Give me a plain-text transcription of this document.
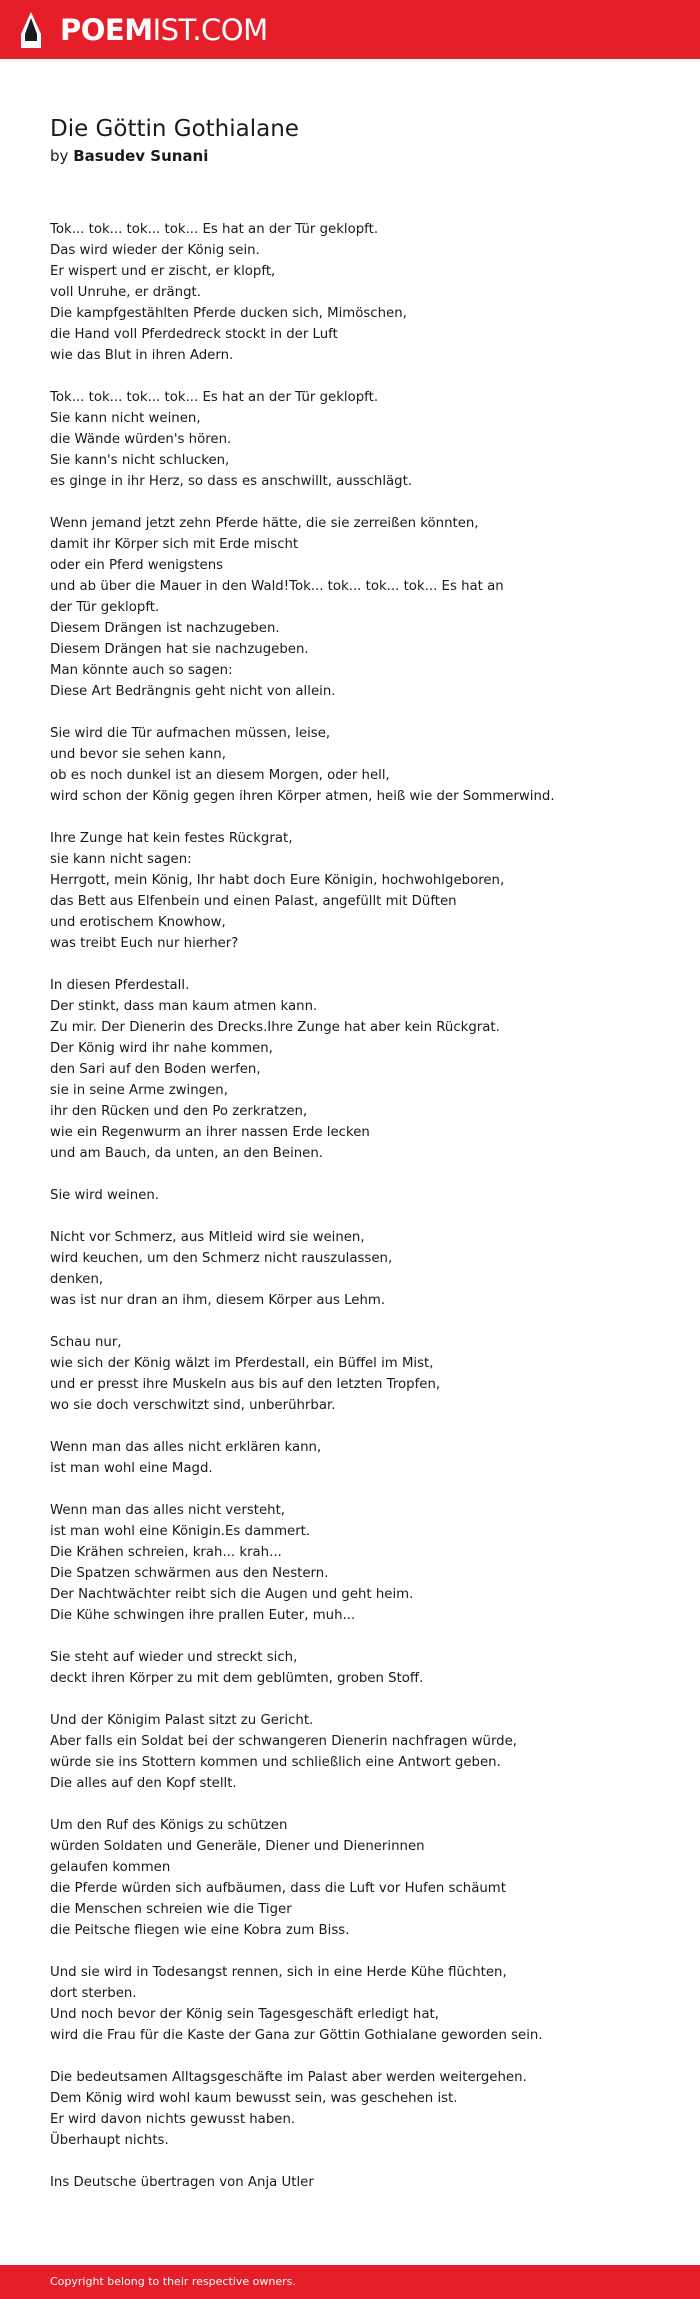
POEMIST.COM
Die Göttin Gothialane
by Basudev Sunani
Tok... tok... tok... tok... Es hat an der Tür geklopft.
Das wird wieder der König sein.
Er wispert und er zischt, er klopft,
voll Unruhe, er drängt.
Die kampfgestählten Pferde ducken sich, Mimöschen,
die Hand voll Pferdedreck stockt in der Luft
wie das Blut in ihren Adern.
Tok... tok... tok... tok... Es hat an der Tür geklopft.
Sie kann nicht weinen,
die Wände würden's hören.
Sie kann's nicht schlucken,
es ginge in ihr Herz, so dass es anschwillt, ausschlägt.
Wenn jemand jetzt zehn Pferde hätte, die sie zerreißen könnten,
damit ihr Körper sich mit Erde mischt
oder ein Pferd wenigstens
und ab über die Mauer in den Wald!Tok... tok... tok... tok... Es hat an
der Tür geklopft.
Diesem Drängen ist nachzugeben.
Diesem Drängen hat sie nachzugeben.
Man könnte auch so sagen:
Diese Art Bedrängnis geht nicht von allein.
Sie wird die Tür aufmachen müssen, leise,
und bevor sie sehen kann,
ob es noch dunkel ist an diesem Morgen, oder hell,
wird schon der König gegen ihren Körper atmen, heiß wie der Sommerwind.
Ihre Zunge hat kein festes Rückgrat,
sie kann nicht sagen:
Herrgott, mein König, Ihr habt doch Eure Königin, hochwohlgeboren,
das Bett aus Elfenbein und einen Palast, angefüllt mit Düften
und erotischem Knowhow,
was treibt Euch nur hierher?
In diesen Pferdestall.
Der stinkt, dass man kaum atmen kann.
Zu mir. Der Dienerin des Drecks.Ihre Zunge hat aber kein Rückgrat.
Der König wird ihr nahe kommen,
den Sari auf den Boden werfen,
sie in seine Arme zwingen,
ihr den Rücken und den Po zerkratzen,
wie ein Regenwurm an ihrer nassen Erde lecken
und am Bauch, da unten, an den Beinen.
Sie wird weinen.
Nicht vor Schmerz, aus Mitleid wird sie weinen,
wird keuchen, um den Schmerz nicht rauszulassen,
denken,
was ist nur dran an ihm, diesem Körper aus Lehm.
Schau nur,
wie sich der König wälzt im Pferdestall, ein Büffel im Mist,
und er presst ihre Muskeln aus bis auf den letzten Tropfen,
wo sie doch verschwitzt sind, unberührbar.
Wenn man das alles nicht erklären kann,
ist man wohl eine Magd.
Wenn man das alles nicht versteht,
ist man wohl eine Königin.Es dammert.
Die Krähen schreien, krah... krah...
Die Spatzen schwärmen aus den Nestern.
Der Nachtwächter reibt sich die Augen und geht heim.
Die Kühe schwingen ihre prallen Euter, muh...
Sie steht auf wieder und streckt sich,
deckt ihren Körper zu mit dem geblümten, groben Stoff.
Und der Königim Palast sitzt zu Gericht.
Aber falls ein Soldat bei der schwangeren Dienerin nachfragen würde,
würde sie ins Stottern kommen und schließlich eine Antwort geben.
Die alles auf den Kopf stellt.
Um den Ruf des Königs zu schützen
würden Soldaten und Generäle, Diener und Dienerinnen
gelaufen kommen
die Pferde würden sich aufbäumen, dass die Luft vor Hufen schäumt
die Menschen schreien wie die Tiger
die Peitsche fliegen wie eine Kobra zum Biss.
Und sie wird in Todesangst rennen, sich in eine Herde Kühe flüchten,
dort sterben.
Und noch bevor der König sein Tagesgeschäft erledigt hat,
wird die Frau für die Kaste der Gana zur Göttin Gothialane geworden sein.
Die bedeutsamen Alltagsgeschäfte im Palast aber werden weitergehen.
Dem König wird wohl kaum bewusst sein, was geschehen ist.
Er wird davon nichts gewusst haben.
Überhaupt nichts.
Ins Deutsche übertragen von Anja Utler
Copyright belong to their respective owners.
